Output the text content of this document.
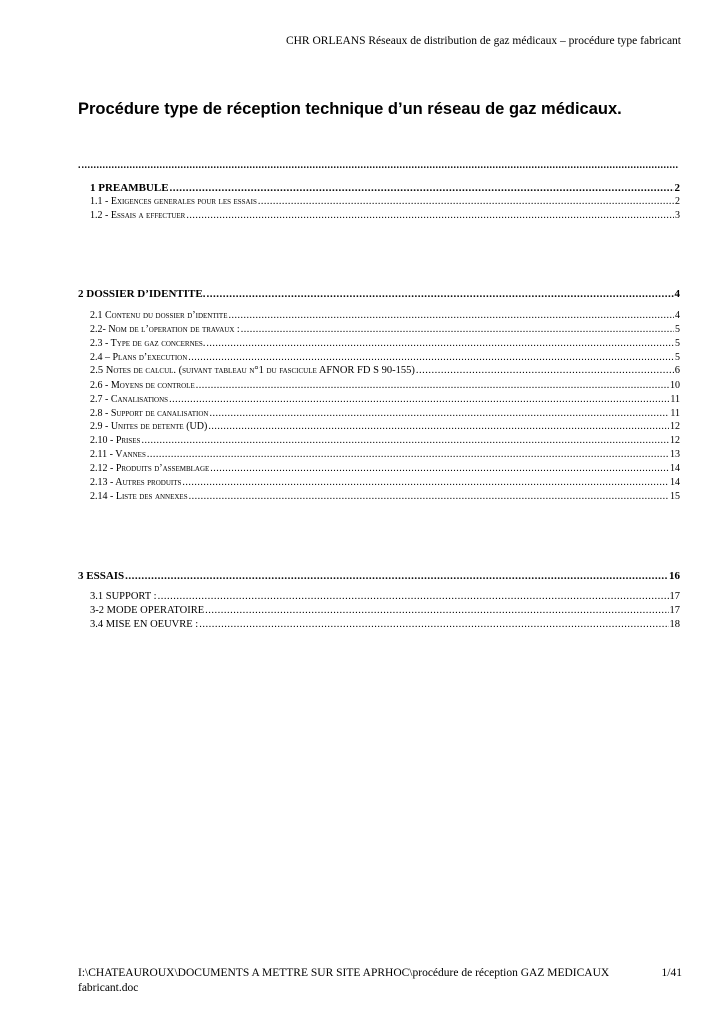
CHR ORLEANS Réseaux de distribution de gaz médicaux – procédure type fabricant
Procédure type de réception technique d’un réseau de gaz médicaux.
.
.....
1 PREAMBULE .....	2
1.1 - Exigences generales pour les essais .....	2
1.2 - Essais a effectuer .....	3
2 DOSSIER D’IDENTITE. .....	4
2.1 Contenu du dossier d’identite .....	4
2.2- Nom de l’operation de travaux : .....	5
2.3 - Type de gaz concernes. .....	5
2.4 – Plans d’execution .....	5
2.5 Notes de calcul. (suivant tableau n°1 du fascicule AFNOR FD S 90-155) .....	6
2.6 - Moyens de controle .....	10
2.7 - Canalisations .....	11
2.8 - Support de canalisation .....	11
2.9 - Unites de detente (UD) .....	12
2.10 - Prises .....	12
2.11 - Vannes .....	13
2.12 - Produits d’assemblage .....	14
2.13 - Autres produits .....	14
2.14 - Liste des annexes .....	15
3 ESSAIS .....	16
3.1 SUPPORT : .....	17
3-2 MODE OPERATOIRE .....	17
3.4 MISE EN OEUVRE : .....	18
I:\CHATEAUROUX\DOCUMENTS A METTRE SUR SITE APRHOC\procédure de réception GAZ MEDICAUX fabricant.doc
1/41
